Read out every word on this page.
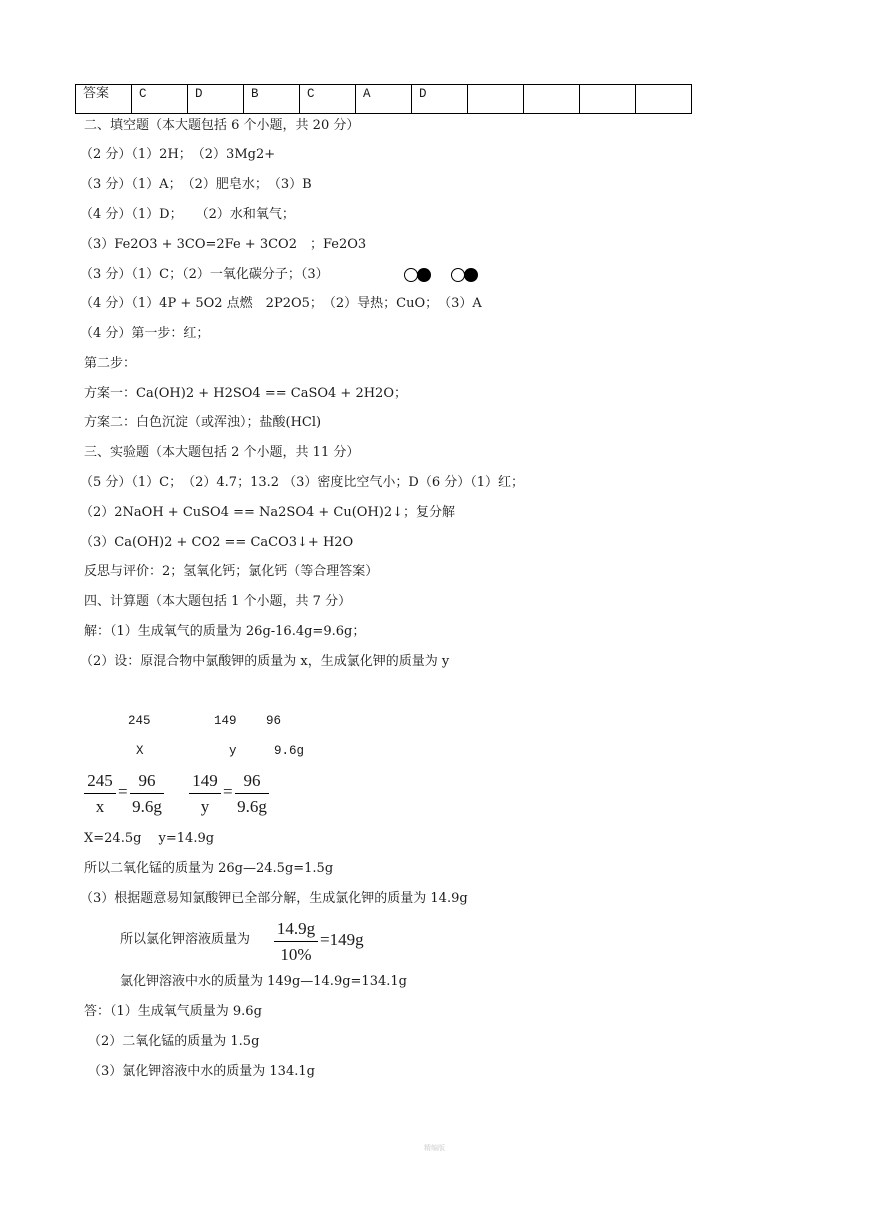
答案	C	D	B	C	A	D				
二、填空题（本大题包括 6 个小题，共 20 分）
（2 分）（1）2H；　（2）3Mg2+
（3 分）（1）A；　（2）肥皂水；　（3）B
（4 分）（1）D；　　（2）水和氧气；
（3）Fe2O3 + 3CO=2Fe + 3CO2　；Fe2O3
（3 分）（1）C；（2）一氧化碳分子；（3）

（4 分）（1）4P + 5O2 点燃　2P2O5；　（2）导热；CuO；　（3）A
（4 分）第一步：红；
第二步：
方案一：Ca(OH)2 + H2SO4 == CaSO4 + 2H2O；
方案二：白色沉淀（或浑浊）；盐酸(HCl)
三、实验题（本大题包括 2 个小题，共 11 分）
（5 分）（1）C；　（2）4.7；13.2 （3）密度比空气小；D（6 分）（1）红；
（2）2NaOH + CuSO4 == Na2SO4 + Cu(OH)2↓；复分解
（3）Ca(OH)2 + CO2 == CaCO3↓+ H2O
反思与评价：2；氢氧化钙；氯化钙（等合理答案）
四、计算题（本大题包括 1 个小题，共 7 分）
解：（1）生成氧气的质量为 26g-16.4g=9.6g；
（2）设：原混合物中氯酸钾的质量为 x，生成氯化钾的质量为 y
245	149 96
X	y	9.6g
245
x
=
96
9.6g
149
y
=
96
9.6g
X=24.5g　 y=14.9g
所以二氧化锰的质量为 26g—24.5g=1.5g
（3）根据题意易知氯酸钾已全部分解，生成氯化钾的质量为 14.9g
所以氯化钾溶液质量为
14.9g
10%
=149g
氯化钾溶液中水的质量为 149g—14.9g=134.1g
答：（1）生成氧气质量为 9.6g
（2）二氧化锰的质量为 1.5g
（3）氯化钾溶液中水的质量为 134.1g
精编版
